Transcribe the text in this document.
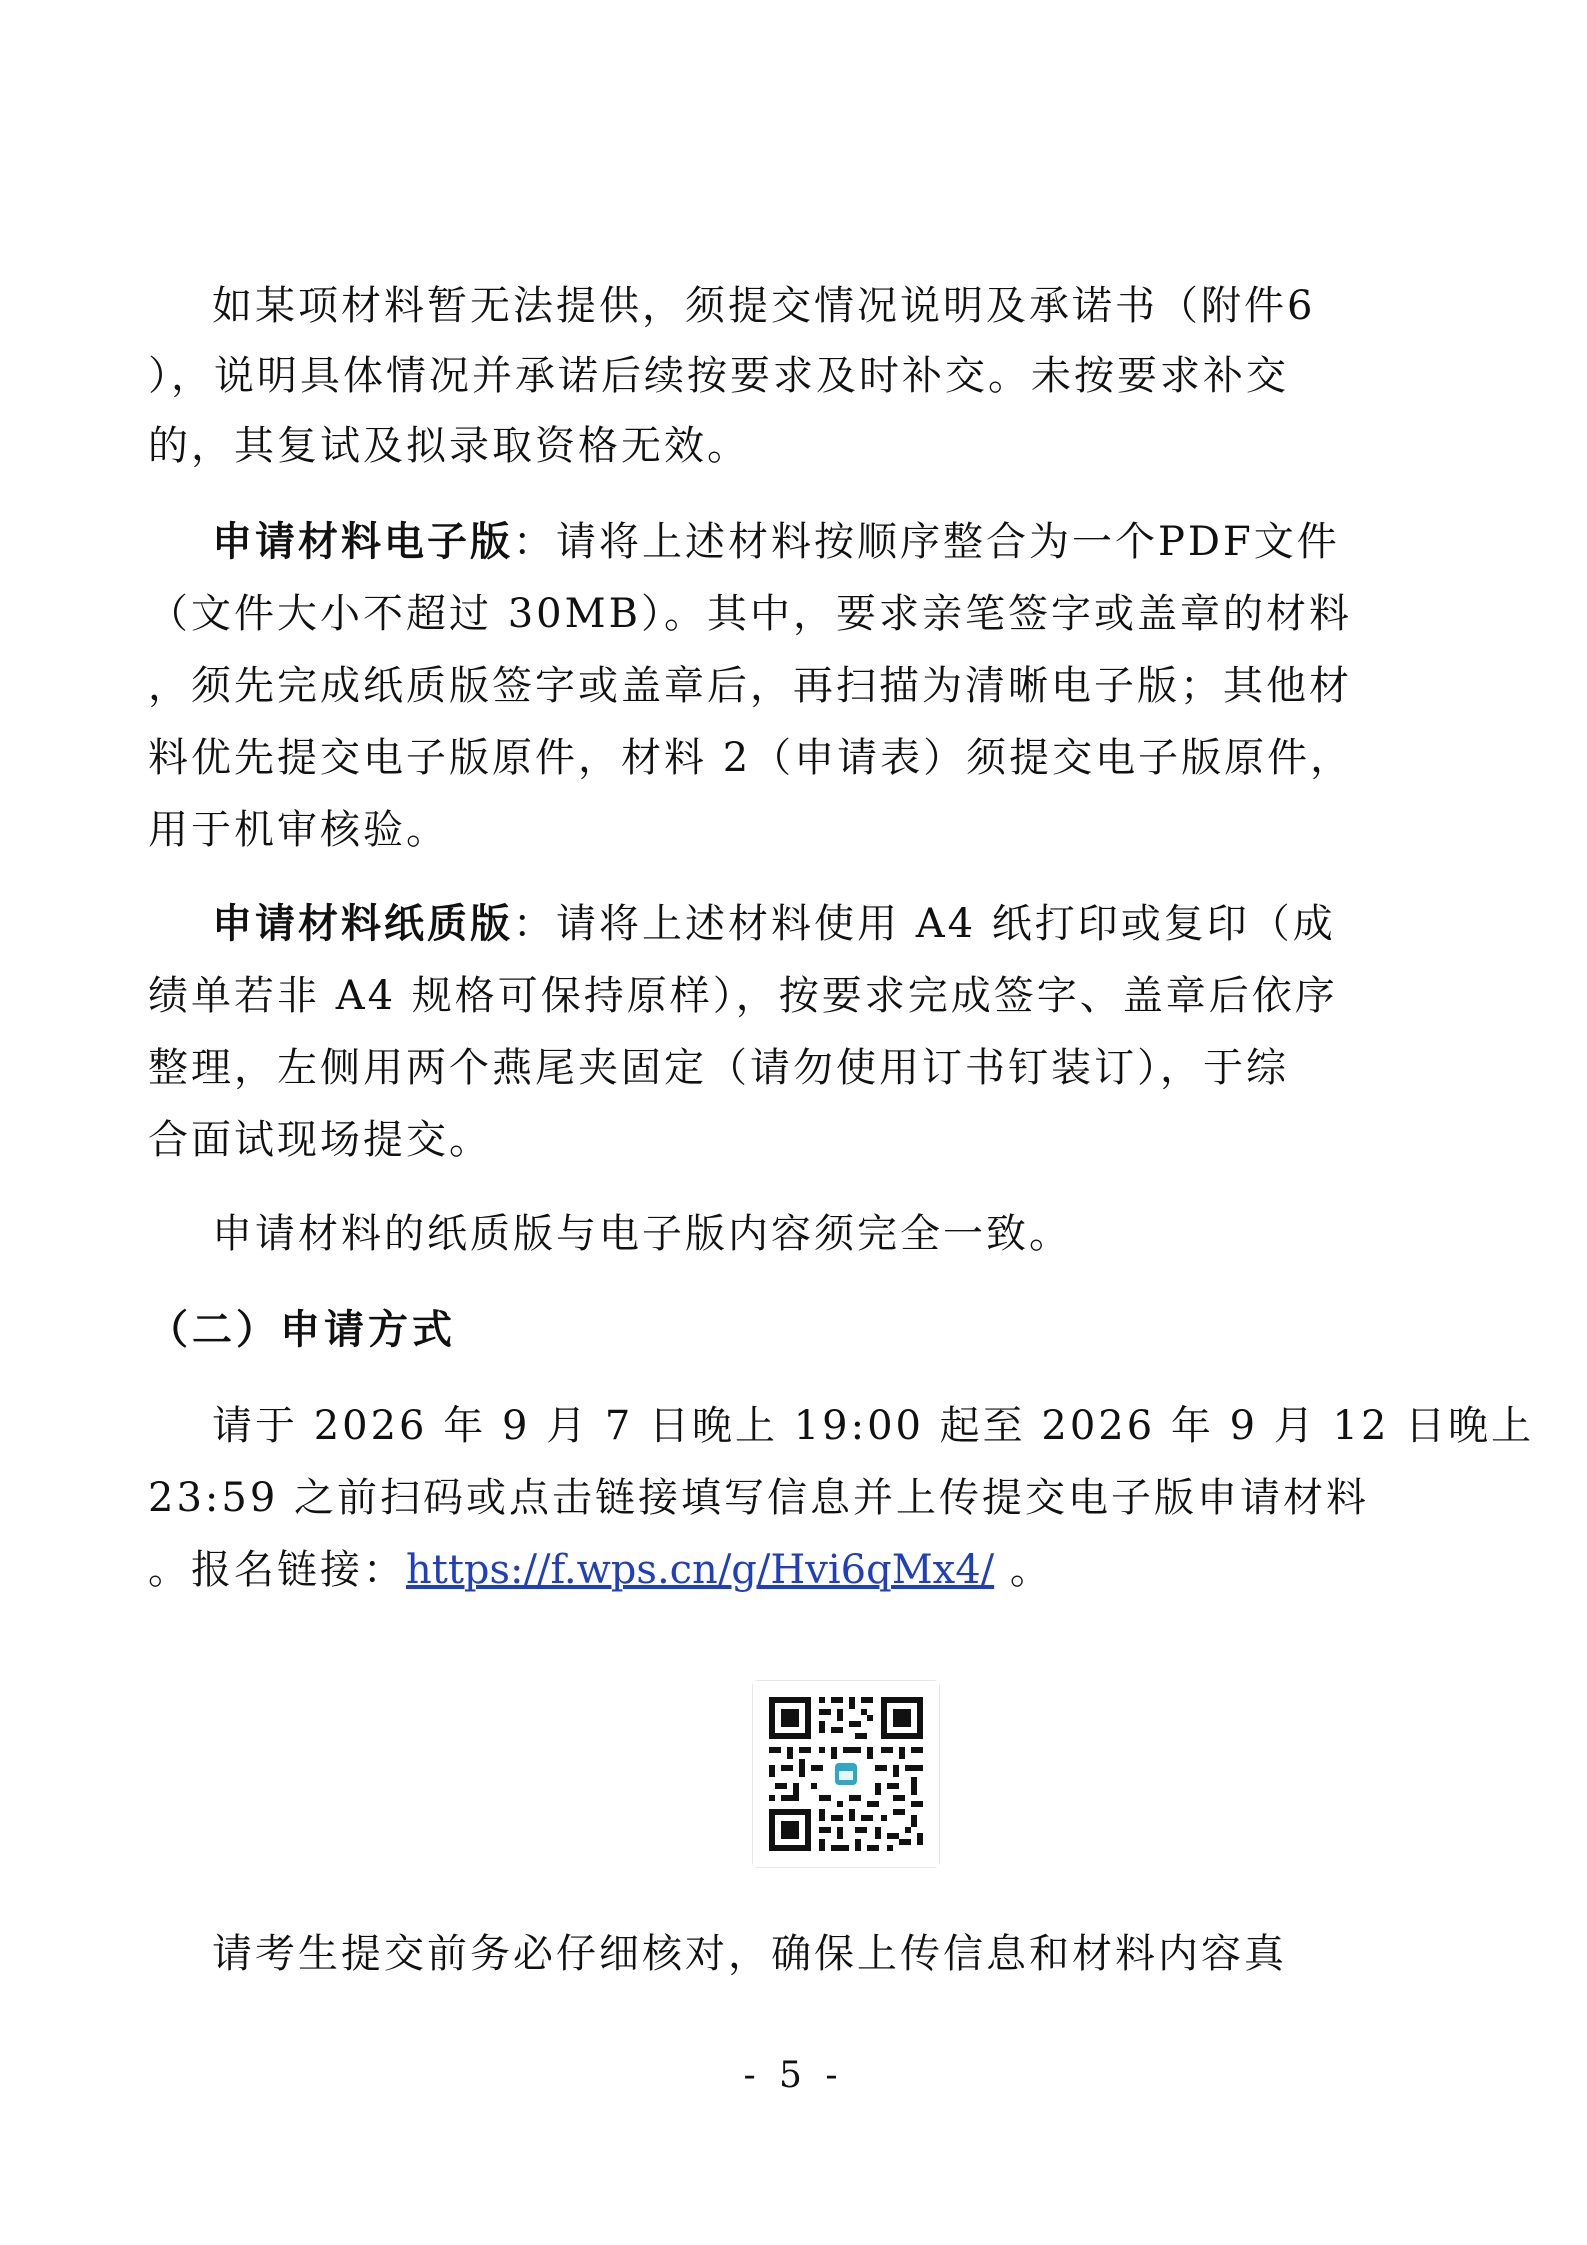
如某项材料暂无法提供，须提交情况说明及承诺书（附件6
），说明具体情况并承诺后续按要求及时补交。未按要求补交
的，其复试及拟录取资格无效。
申请材料电子版：请将上述材料按顺序整合为一个PDF文件
（文件大小不超过 30MB）。其中，要求亲笔签字或盖章的材料
，须先完成纸质版签字或盖章后，再扫描为清晰电子版；其他材
料优先提交电子版原件，材料 2（申请表）须提交电子版原件，
用于机审核验。
申请材料纸质版：请将上述材料使用 A4 纸打印或复印（成
绩单若非 A4 规格可保持原样），按要求完成签字、盖章后依序
整理，左侧用两个燕尾夹固定（请勿使用订书钉装订），于综
合面试现场提交。
申请材料的纸质版与电子版内容须完全一致。
（二）申请方式
请于 2026 年 9 月 7 日晚上 19:00 起至 2026 年 9 月 12 日晚上
23:59 之前扫码或点击链接填写信息并上传提交电子版申请材料
。报名链接：https://f.wps.cn/g/Hvi6qMx4/ 。
请考生提交前务必仔细核对，确保上传信息和材料内容真
- 5 -
